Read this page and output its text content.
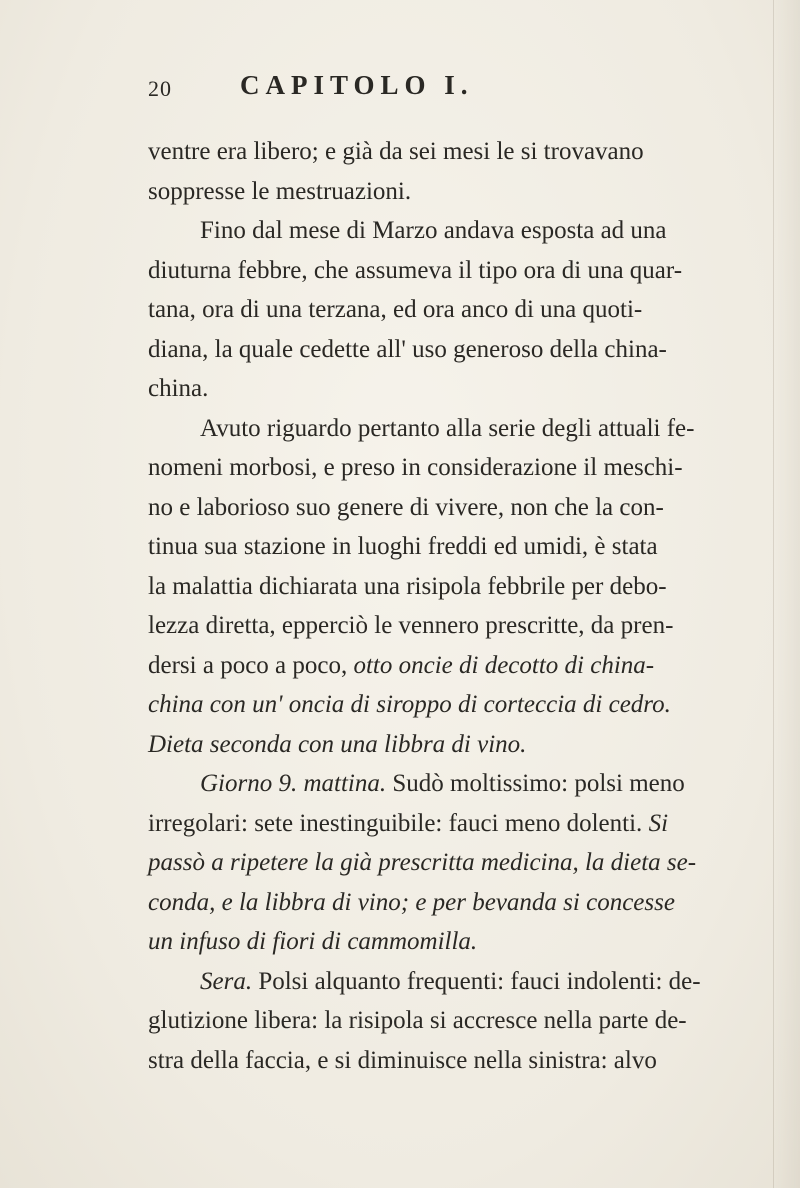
20	CAPITOLO I.
ventre era libero; e già da sei mesi le si trovavano
soppresse le mestruazioni.
Fino dal mese di Marzo andava esposta ad una
diuturna febbre, che assumeva il tipo ora di una quar-
tana, ora di una terzana, ed ora anco di una quoti-
diana, la quale cedette all' uso generoso della china-
china.
Avuto riguardo pertanto alla serie degli attuali fe-
nomeni morbosi, e preso in considerazione il meschi-
no e laborioso suo genere di vivere, non che la con-
tinua sua stazione in luoghi freddi ed umidi, è stata
la malattia dichiarata una risipola febbrile per debo-
lezza diretta, epperciò le vennero prescritte, da pren-
dersi a poco a poco, otto oncie di decotto di china-
china con un' oncia di siroppo di corteccia di cedro.
Dieta seconda con una libbra di vino.
Giorno 9. mattina. Sudò moltissimo: polsi meno
irregolari: sete inestinguibile: fauci meno dolenti. Si
passò a ripetere la già prescritta medicina, la dieta se-
conda, e la libbra di vino; e per bevanda si concesse
un infuso di fiori di cammomilla.
Sera. Polsi alquanto frequenti: fauci indolenti: de-
glutizione libera: la risipola si accresce nella parte de-
stra della faccia, e si diminuisce nella sinistra: alvo
